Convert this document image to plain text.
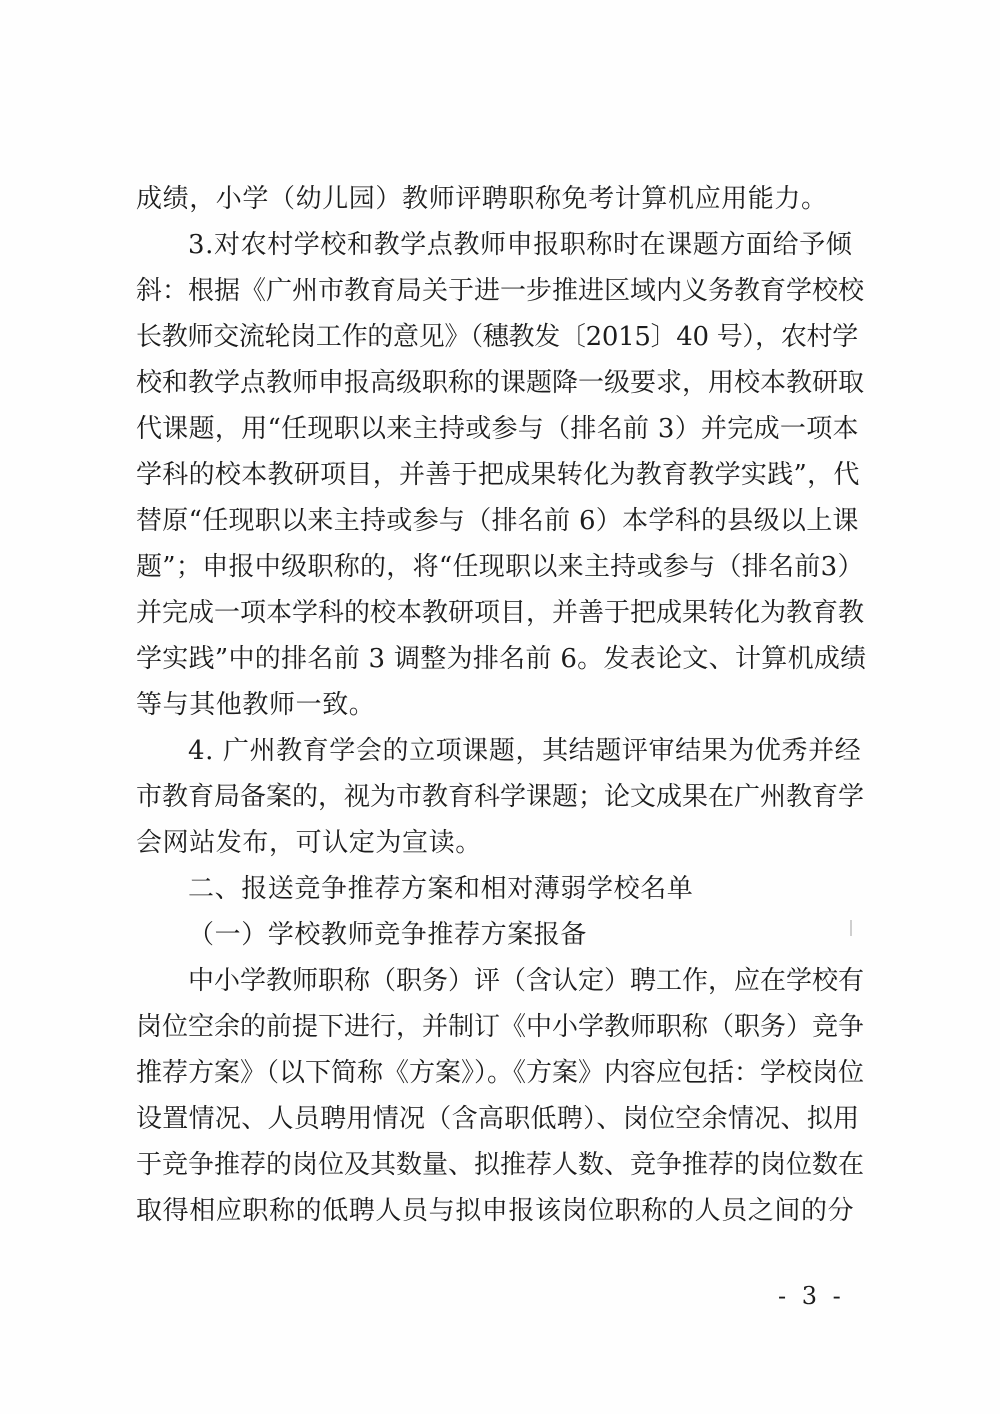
成绩，小学（幼儿园）教师评聘职称免考计算机应用能力。
3.对农村学校和教学点教师申报职称时在课题方面给予倾
斜：根据《广州市教育局关于进一步推进区域内义务教育学校校
长教师交流轮岗工作的意见》（穗教发〔2015〕40 号），农村学
校和教学点教师申报高级职称的课题降一级要求，用校本教研取
代课题，用“任现职以来主持或参与（排名前 3）并完成一项本
学科的校本教研项目，并善于把成果转化为教育教学实践”，代
替原“任现职以来主持或参与（排名前 6）本学科的县级以上课
题”；申报中级职称的，将“任现职以来主持或参与（排名前3）
并完成一项本学科的校本教研项目，并善于把成果转化为教育教
学实践”中的排名前 3 调整为排名前 6。发表论文、计算机成绩
等与其他教师一致。
4. 广州教育学会的立项课题，其结题评审结果为优秀并经
市教育局备案的，视为市教育科学课题；论文成果在广州教育学
会网站发布，可认定为宣读。
二、报送竞争推荐方案和相对薄弱学校名单
（一）学校教师竞争推荐方案报备
中小学教师职称（职务）评（含认定）聘工作，应在学校有
岗位空余的前提下进行，并制订《中小学教师职称（职务）竞争
推荐方案》（以下简称《方案》）。《方案》内容应包括：学校岗位
设置情况、人员聘用情况（含高职低聘）、岗位空余情况、拟用
于竞争推荐的岗位及其数量、拟推荐人数、竞争推荐的岗位数在
取得相应职称的低聘人员与拟申报该岗位职称的人员之间的分
- 3 -
